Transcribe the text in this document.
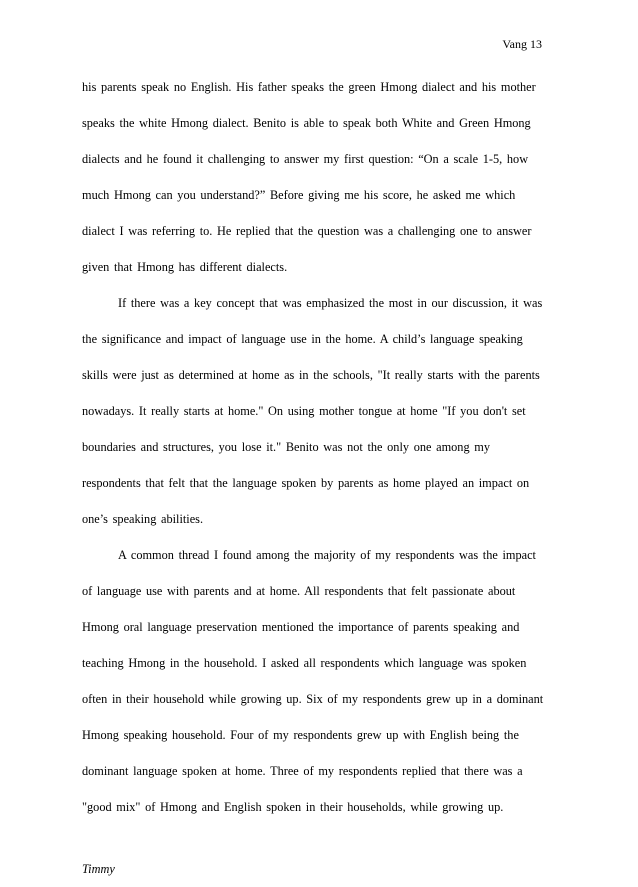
Vang 13
his parents speak no English. His father speaks the green Hmong dialect and his mother
speaks the white Hmong dialect. Benito is able to speak both White and Green Hmong
dialects and he found it challenging to answer my first question: “On a scale 1-5, how
much Hmong can you understand?” Before giving me his score, he asked me which
dialect I was referring to. He replied that the question was a challenging one to answer
given that Hmong has different dialects.
If there was a key concept that was emphasized the most in our discussion, it was
the significance and impact of language use in the home. A child’s language speaking
skills were just as determined at home as in the schools, "It really starts with the parents
nowadays. It really starts at home." On using mother tongue at home "If you don't set
boundaries and structures, you lose it." Benito was not the only one among my
respondents that felt that the language spoken by parents as home played an impact on
one’s speaking abilities.
A common thread I found among the majority of my respondents was the impact
of language use with parents and at home. All respondents that felt passionate about
Hmong oral language preservation mentioned the importance of parents speaking and
teaching Hmong in the household. I asked all respondents which language was spoken
often in their household while growing up. Six of my respondents grew up in a dominant
Hmong speaking household. Four of my respondents grew up with English being the
dominant language spoken at home. Three of my respondents replied that there was a
"good mix" of Hmong and English spoken in their households, while growing up.
Timmy
